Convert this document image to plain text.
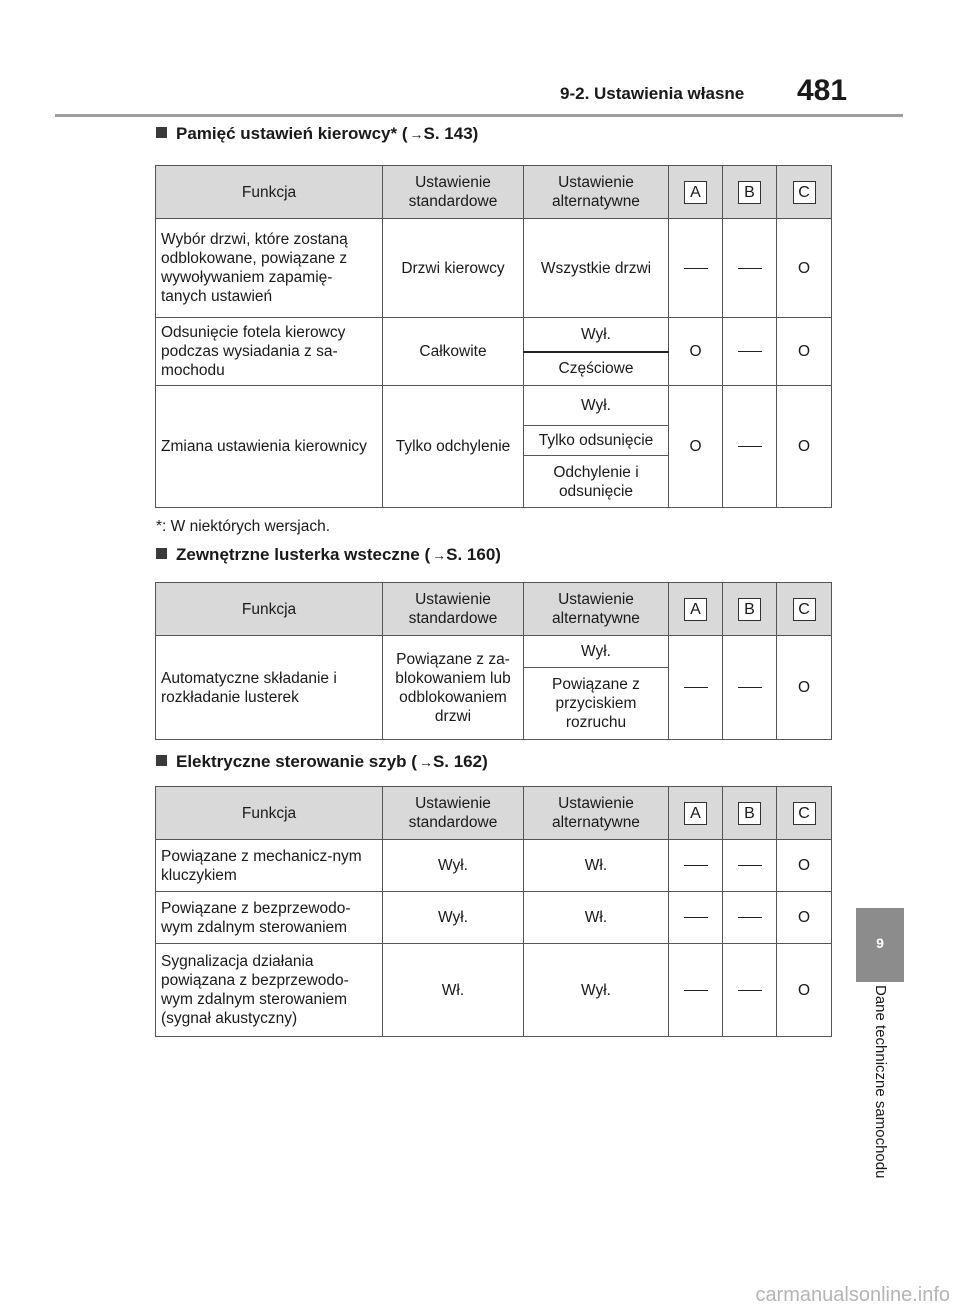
9-2. Ustawienia własne 481
Pamięć ustawień kierowcy* ( →S. 143)
Funkcja	Ustawienie standardowe	Ustawienie alternatywne	A	B	C
Wybór drzwi, które zostaną odblokowane, powiązane z wywoływaniem zapamię-tanych ustawień	Drzwi kierowcy	Wszystkie drzwi			O
Odsunięcie fotela kierowcy podczas wysiadania z sa-mochodu	Całkowite	Wył.	O		O
		Częściowe			
Zmiana ustawienia kierownicy	Tylko odchylenie	Wył.	O		O
		Tylko odsunięcie			
		Odchylenie i odsunięcie			
*: W niektórych wersjach.
Zewnętrzne lusterka wsteczne ( →S. 160)
Funkcja	Ustawienie standardowe	Ustawienie alternatywne	A	B	C
Automatyczne składanie i rozkładanie lusterek	Powiązane z za-blokowaniem lub odblokowaniem drzwi	Wył.			O
		Powiązane z przyciskiem rozruchu			
Elektryczne sterowanie szyb ( →S. 162)
Funkcja	Ustawienie standardowe	Ustawienie alternatywne	A	B	C
Powiązane z mechanicz-nym kluczykiem	Wył.	Wł.			O
Powiązane z bezprzewodo-wym zdalnym sterowaniem	Wył.	Wł.			O
Sygnalizacja działania powiązana z bezprzewodo-wym zdalnym sterowaniem (sygnał akustyczny)	Wł.	Wył.			O
9
Dane techniczne samochodu
carmanualsonline.info
